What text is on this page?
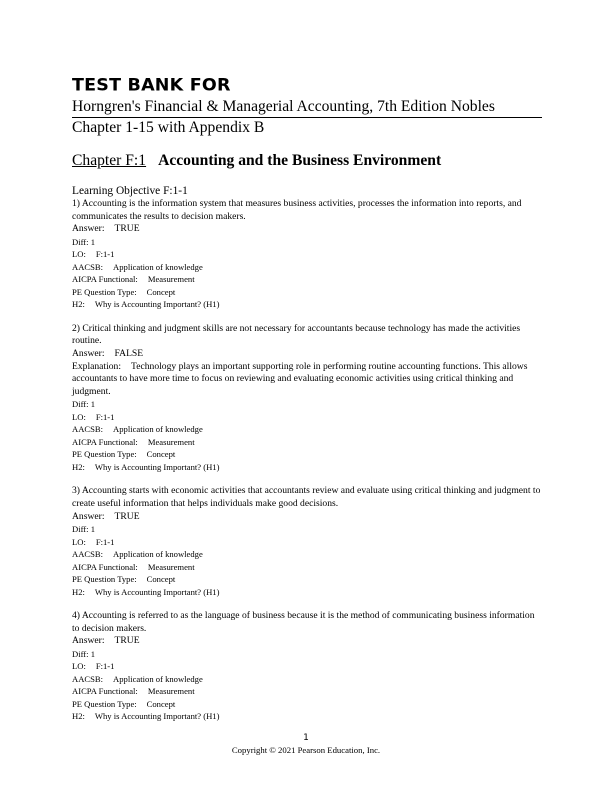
TEST BANK FOR
Horngren's Financial & Managerial Accounting, 7th Edition Nobles
Chapter 1-15 with Appendix B
Chapter F:1 Accounting and the Business Environment
Learning Objective F:1-1
1) Accounting is the information system that measures business activities, processes the information into reports, and communicates the results to decision makers.
Answer: TRUE
Diff: 1
LO: F:1-1
AACSB: Application of knowledge
AICPA Functional: Measurement
PE Question Type: Concept
H2: Why is Accounting Important? (H1)
2) Critical thinking and judgment skills are not necessary for accountants because technology has made the activities routine.
Answer: FALSE
Explanation: Technology plays an important supporting role in performing routine accounting functions. This allows accountants to have more time to focus on reviewing and evaluating economic activities using critical thinking and judgment.
Diff: 1
LO: F:1-1
AACSB: Application of knowledge
AICPA Functional: Measurement
PE Question Type: Concept
H2: Why is Accounting Important? (H1)
3) Accounting starts with economic activities that accountants review and evaluate using critical thinking and judgment to create useful information that helps individuals make good decisions.
Answer: TRUE
Diff: 1
LO: F:1-1
AACSB: Application of knowledge
AICPA Functional: Measurement
PE Question Type: Concept
H2: Why is Accounting Important? (H1)
4) Accounting is referred to as the language of business because it is the method of communicating business information to decision makers.
Answer: TRUE
Diff: 1
LO: F:1-1
AACSB: Application of knowledge
AICPA Functional: Measurement
PE Question Type: Concept
H2: Why is Accounting Important? (H1)
1
Copyright © 2021 Pearson Education, Inc.
